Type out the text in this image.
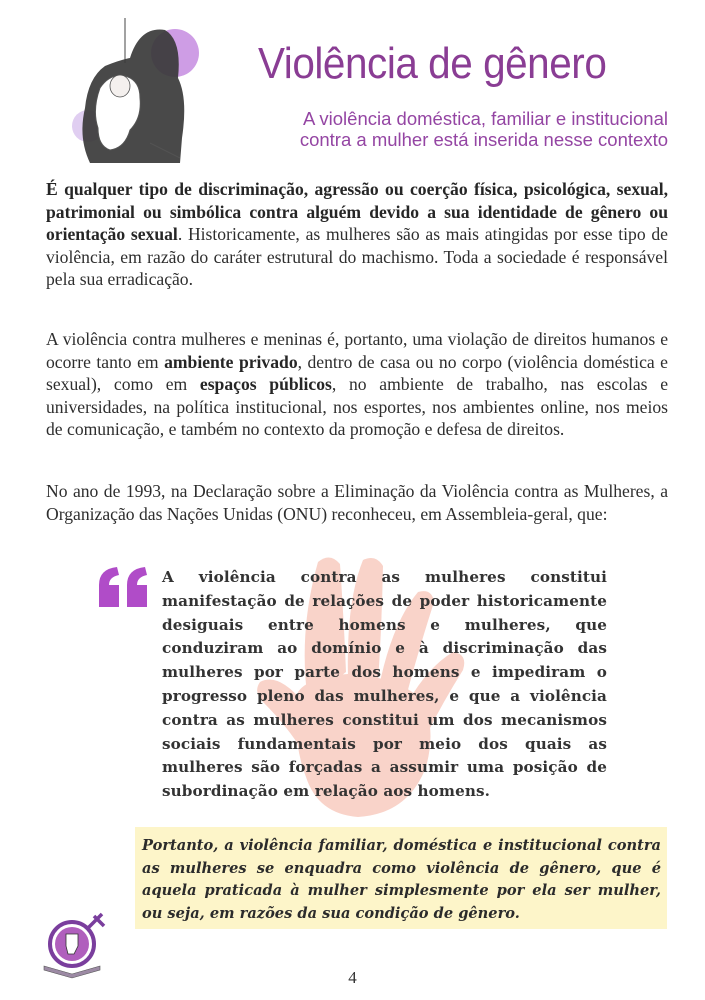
Violência de gênero
A violência doméstica, familiar e institucional
contra a mulher está inserida nesse contexto
É qualquer tipo de discriminação, agressão ou coerção física, psicológica, sexual, patrimonial ou simbólica contra alguém devido a sua identidade de gênero ou orientação sexual. Historicamente, as mulheres são as mais atingidas por esse tipo de violência, em razão do caráter estrutural do machismo. Toda a sociedade é responsável pela sua erradicação.
A violência contra mulheres e meninas é, portanto, uma violação de direitos humanos e ocorre tanto em ambiente privado, dentro de casa ou no corpo (violência doméstica e sexual), como em espaços públicos, no ambiente de trabalho, nas escolas e universidades, na política institucional, nos esportes, nos ambientes online, nos meios de comunicação, e também no contexto da promoção e defesa de direitos.
No ano de 1993, na Declaração sobre a Eliminação da Violência contra as Mulheres, a Organização das Nações Unidas (ONU) reconheceu, em Assembleia-geral, que:
A violência contra as mulheres constitui manifestação de relações de poder historicamente desiguais entre homens e mulheres, que conduziram ao domínio e à discriminação das mulheres por parte dos homens e impediram o progresso pleno das mulheres, e que a violência contra as mulheres constitui um dos mecanismos sociais fundamentais por meio dos quais as mulheres são forçadas a assumir uma posição de subordinação em relação aos homens.

Portanto, a violência familiar, doméstica e institucional contra as mulheres se enquadra como violência de gênero, que é aquela praticada à mulher simplesmente por ela ser mulher, ou seja, em razões da sua condição de gênero.

4
